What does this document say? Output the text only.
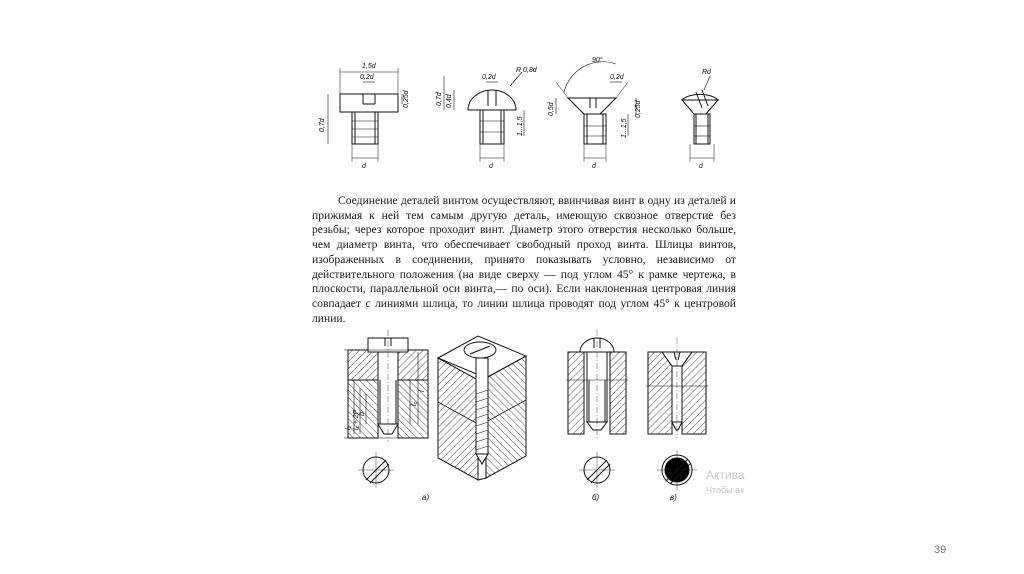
1,5d
0,2d
0,25d
0,7d
d
0,7d 0,4d
0,2d
R 0,8d
1...1,5
d
90°
0,2d
0,5d
1...1,5
0,25d
d
Rd
d
Соединение деталей винтом осуществляют, ввинчивая винт в одну из деталей и прижимая к ней тем самым другую деталь, имеющую сквозное отверстие без резьбы; через которое проходит винт. Диаметр этого отверстия несколько больше, чем диаметр винта, что обеспечивает свободный проход винта. Шлицы винтов, изображенных в соединении, принято показывать условно, независимо от действительного положения (на виде сверху — под углом 45° к рамке чертежа, в плоскости, параллельной оси винта,— по оси). Если наклоненная центровая линия совпадает с линиями шлица, то линии шлица проводят под углом 45° к центровой линии.
l₁ l₁ + 2P b
l
l₀
а)	б)	в)
Актива
Чтобы ак
39
